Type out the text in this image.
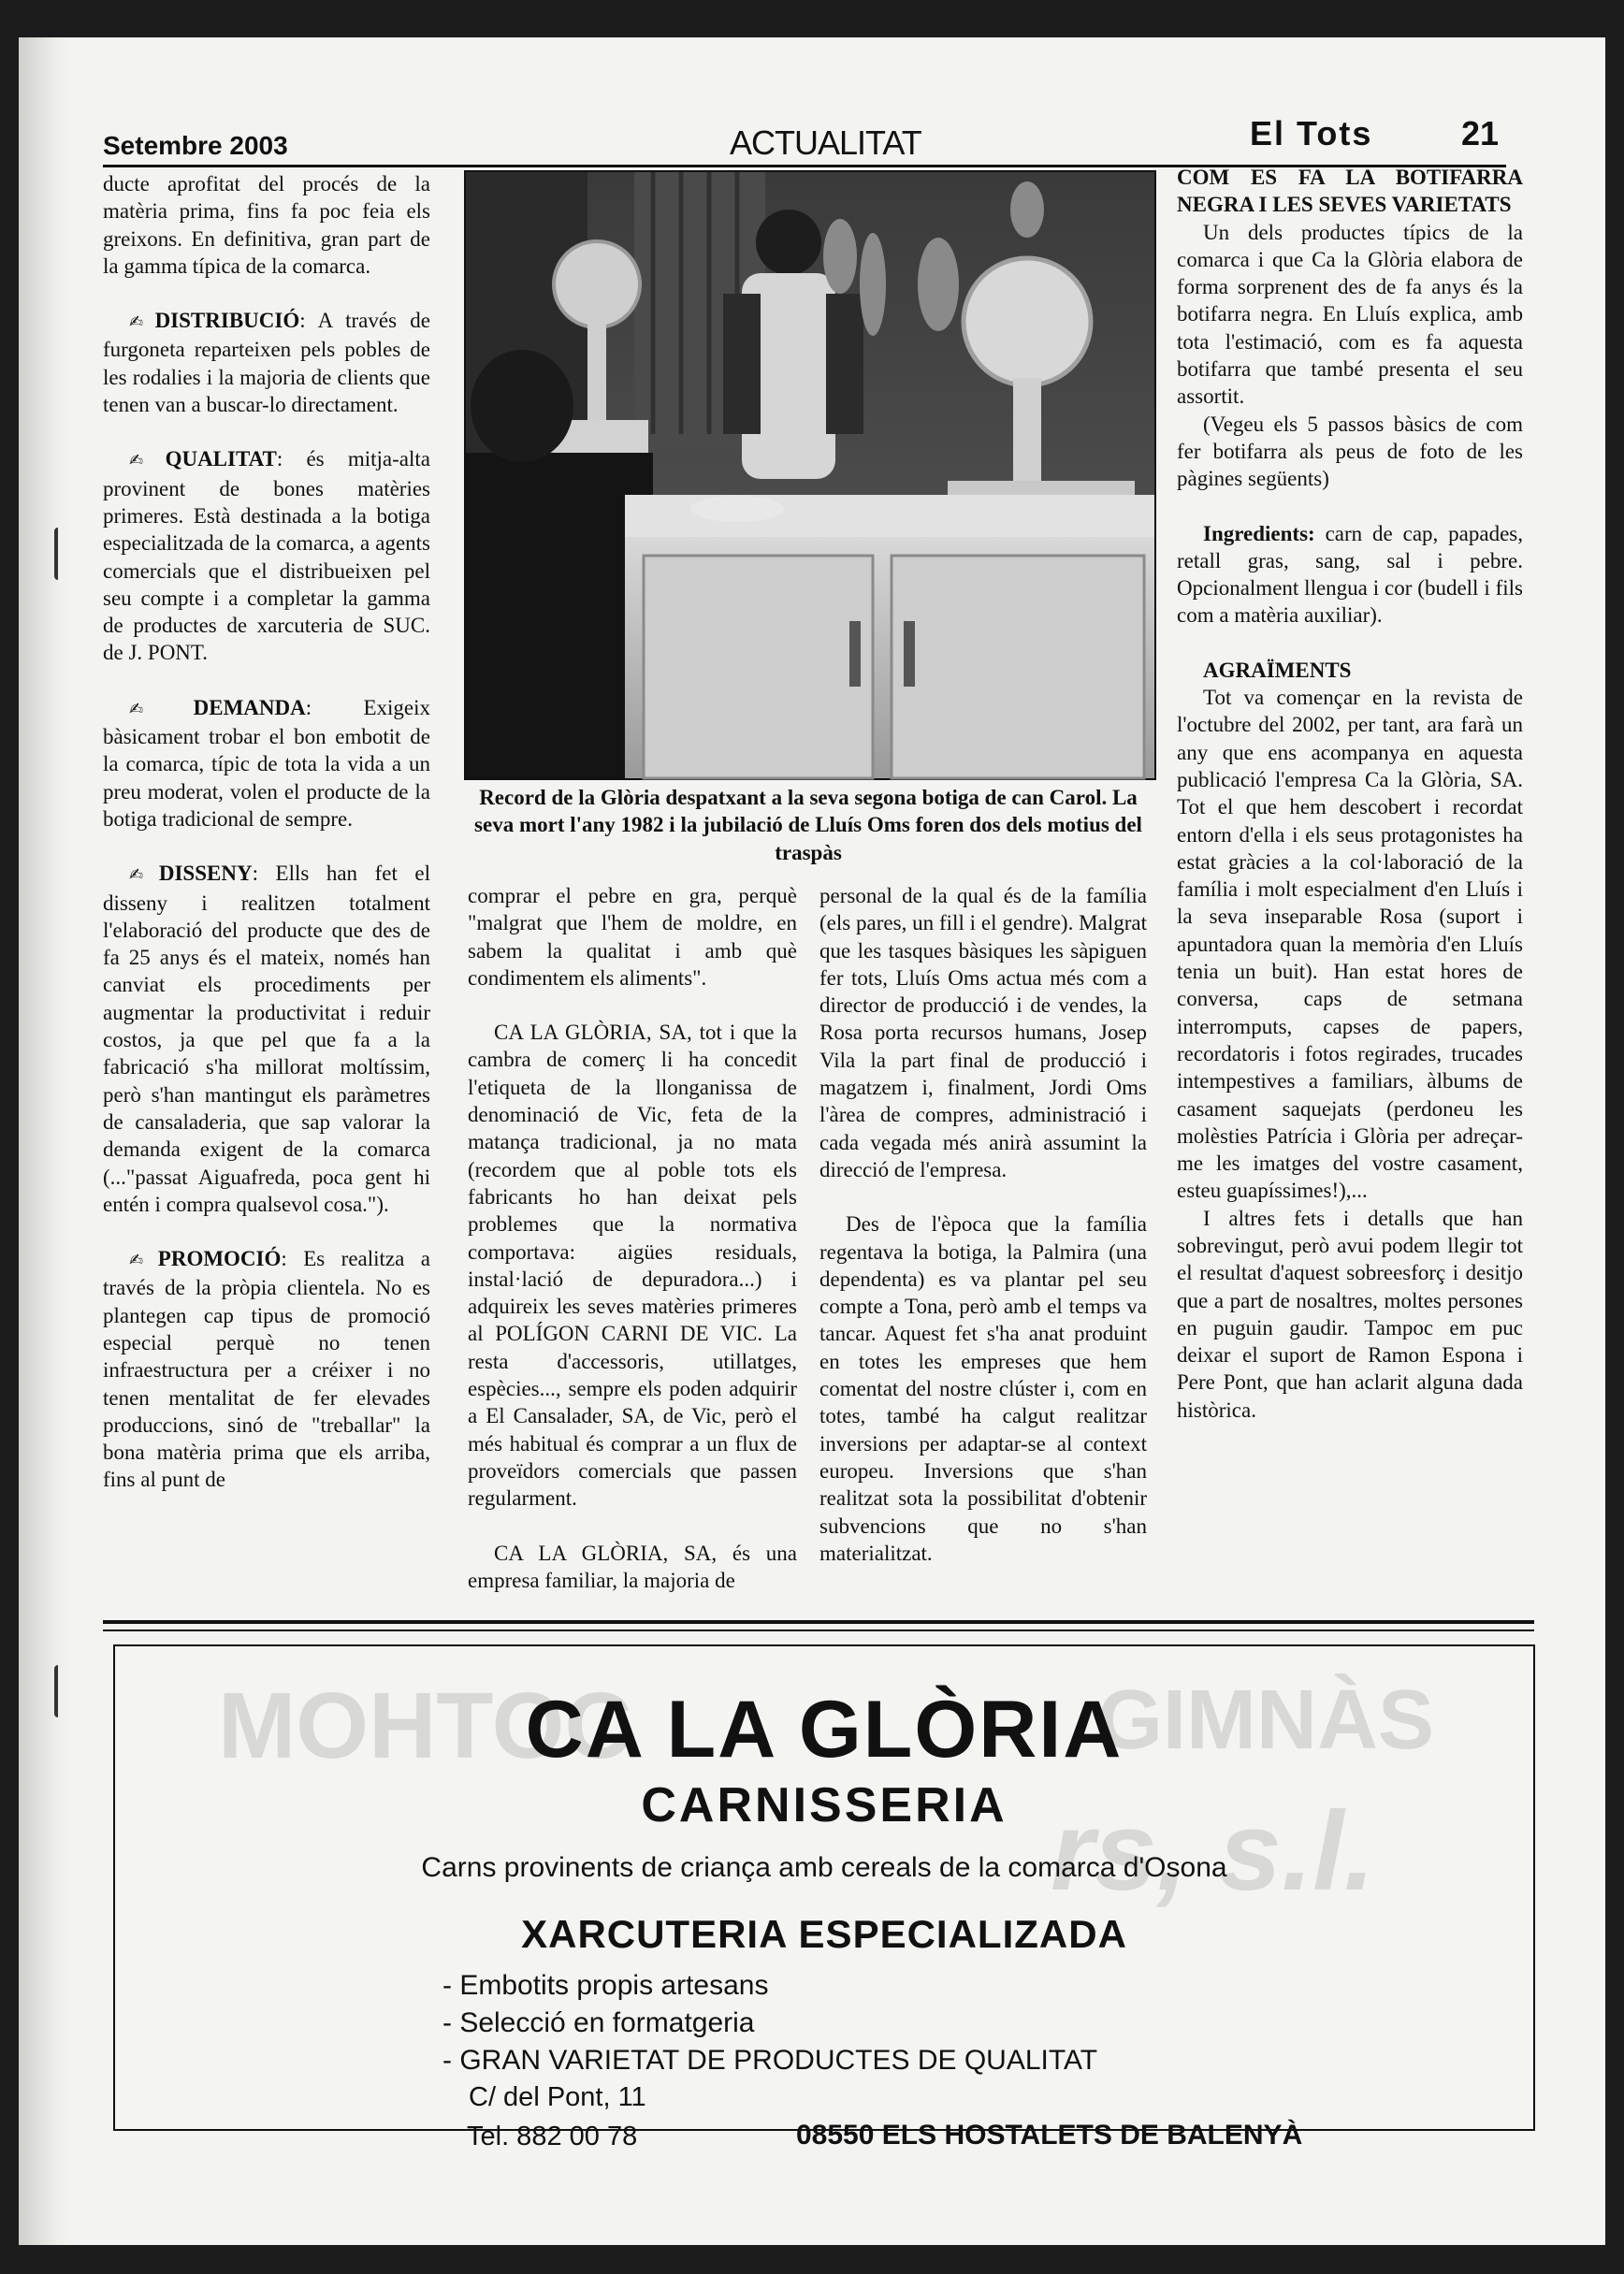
Setembre 2003	ACTUALITAT	El Tots	21

ducte aprofitat del procés de la matèria prima, fins fa poc feia els greixons. En definitiva, gran part de la gamma típica de la comarca.

✍ DISTRIBUCIÓ: A través de furgoneta reparteixen pels pobles de les rodalies i la majoria de clients que tenen van a buscar-lo directament.

✍ QUALITAT: és mitja-alta provinent de bones matèries primeres. Està destinada a la botiga especialitzada de la comarca, a agents comercials que el distribueixen pel seu compte i a completar la gamma de productes de xarcuteria de SUC. de J. PONT.

✍ DEMANDA: Exigeix bàsicament trobar el bon embotit de la comarca, típic de tota la vida a un preu moderat, volen el producte de la botiga tradicional de sempre.

✍ DISSENY: Ells han fet el disseny i realitzen totalment l'elaboració del producte que des de fa 25 anys és el mateix, només han canviat els procediments per augmentar la productivitat i reduir costos, ja que pel que fa a la fabricació s'ha millorat moltíssim, però s'han mantingut els paràmetres de cansaladeria, que sap valorar la demanda exigent de la comarca (..."passat Aiguafreda, poca gent hi entén i compra qualsevol cosa.").

✍ PROMOCIÓ: Es realitza a través de la pròpia clientela. No es plantegen cap tipus de promoció especial perquè no tenen infraestructura per a créixer i no tenen mentalitat de fer elevades produccions, sinó de "treballar" la bona matèria prima que els arriba, fins al punt de

Record de la Glòria despatxant a la seva segona botiga de can Carol. La seva mort l'any 1982 i la jubilació de Lluís Oms foren dos dels motius del traspàs

comprar el pebre en gra, perquè "malgrat que l'hem de moldre, en sabem la qualitat i amb què condimentem els aliments".

CA LA GLÒRIA, SA, tot i que la cambra de comerç li ha concedit l'etiqueta de la llonganissa de denominació de Vic, feta de la matança tradicional, ja no mata (recordem que al poble tots els fabricants ho han deixat pels problemes que la normativa comportava: aigües residuals, instal·lació de depuradora...) i adquireix les seves matèries primeres al POLÍGON CARNI DE VIC. La resta d'accessoris, utillatges, espècies..., sempre els poden adquirir a El Cansalader, SA, de Vic, però el més habitual és comprar a un flux de proveïdors comercials que passen regularment.

CA LA GLÒRIA, SA, és una empresa familiar, la majoria de

personal de la qual és de la família (els pares, un fill i el gendre). Malgrat que les tasques bàsiques les sàpiguen fer tots, Lluís Oms actua més com a director de producció i de vendes, la Rosa porta recursos humans, Josep Vila la part final de producció i magatzem i, finalment, Jordi Oms l'àrea de compres, administració i cada vegada més anirà assumint la direcció de l'empresa.

Des de l'època que la família regentava la botiga, la Palmira (una dependenta) es va plantar pel seu compte a Tona, però amb el temps va tancar. Aquest fet s'ha anat produint en totes les empreses que hem comentat del nostre clúster i, com en totes, també ha calgut realitzar inversions per adaptar-se al context europeu. Inversions que s'han realitzat sota la possibilitat d'obtenir subvencions que no s'han materialitzat.

COM ES FA LA BOTIFARRA NEGRA I LES SEVES VARIETATS

Un dels productes típics de la comarca i que Ca la Glòria elabora de forma sorprenent des de fa anys és la botifarra negra. En Lluís explica, amb tota l'estimació, com es fa aquesta botifarra que també presenta el seu assortit.

(Vegeu els 5 passos bàsics de com fer botifarra als peus de foto de les pàgines següents)

Ingredients: carn de cap, papades, retall gras, sang, sal i pebre. Opcionalment llengua i cor (budell i fils com a matèria auxiliar).

AGRAÏMENTS

Tot va començar en la revista de l'octubre del 2002, per tant, ara farà un any que ens acompanya en aquesta publicació l'empresa Ca la Glòria, SA. Tot el que hem descobert i recordat entorn d'ella i els seus protagonistes ha estat gràcies a la col·laboració de la família i molt especialment d'en Lluís i la seva inseparable Rosa (suport i apuntadora quan la memòria d'en Lluís tenia un buit). Han estat hores de conversa, caps de setmana interromputs, capses de papers, recordatoris i fotos regirades, trucades intempestives a familiars, àlbums de casament saquejats (perdoneu les molèsties Patrícia i Glòria per adreçar-me les imatges del vostre casament, esteu guapíssimes!),...

I altres fets i detalls que han sobrevingut, però avui podem llegir tot el resultat d'aquest sobreesforç i desitjo que a part de nosaltres, moltes persones en puguin gaudir. Tampoc em puc deixar el suport de Ramon Espona i Pere Pont, que han aclarit alguna dada històrica.

MOHTOC	GIMNÀS
rs, s.l.
CA LA GLÒRIA
CARNISSERIA
Carns provinents de criança amb cereals de la comarca d'Osona
XARCUTERIA ESPECIALIZADA
- Embotits propis artesans
- Selecció en formatgeria
- GRAN VARIETAT DE PRODUCTES DE QUALITAT
C/ del Pont, 11
Tel. 882 00 78	08550 ELS HOSTALETS DE BALENYÀ
